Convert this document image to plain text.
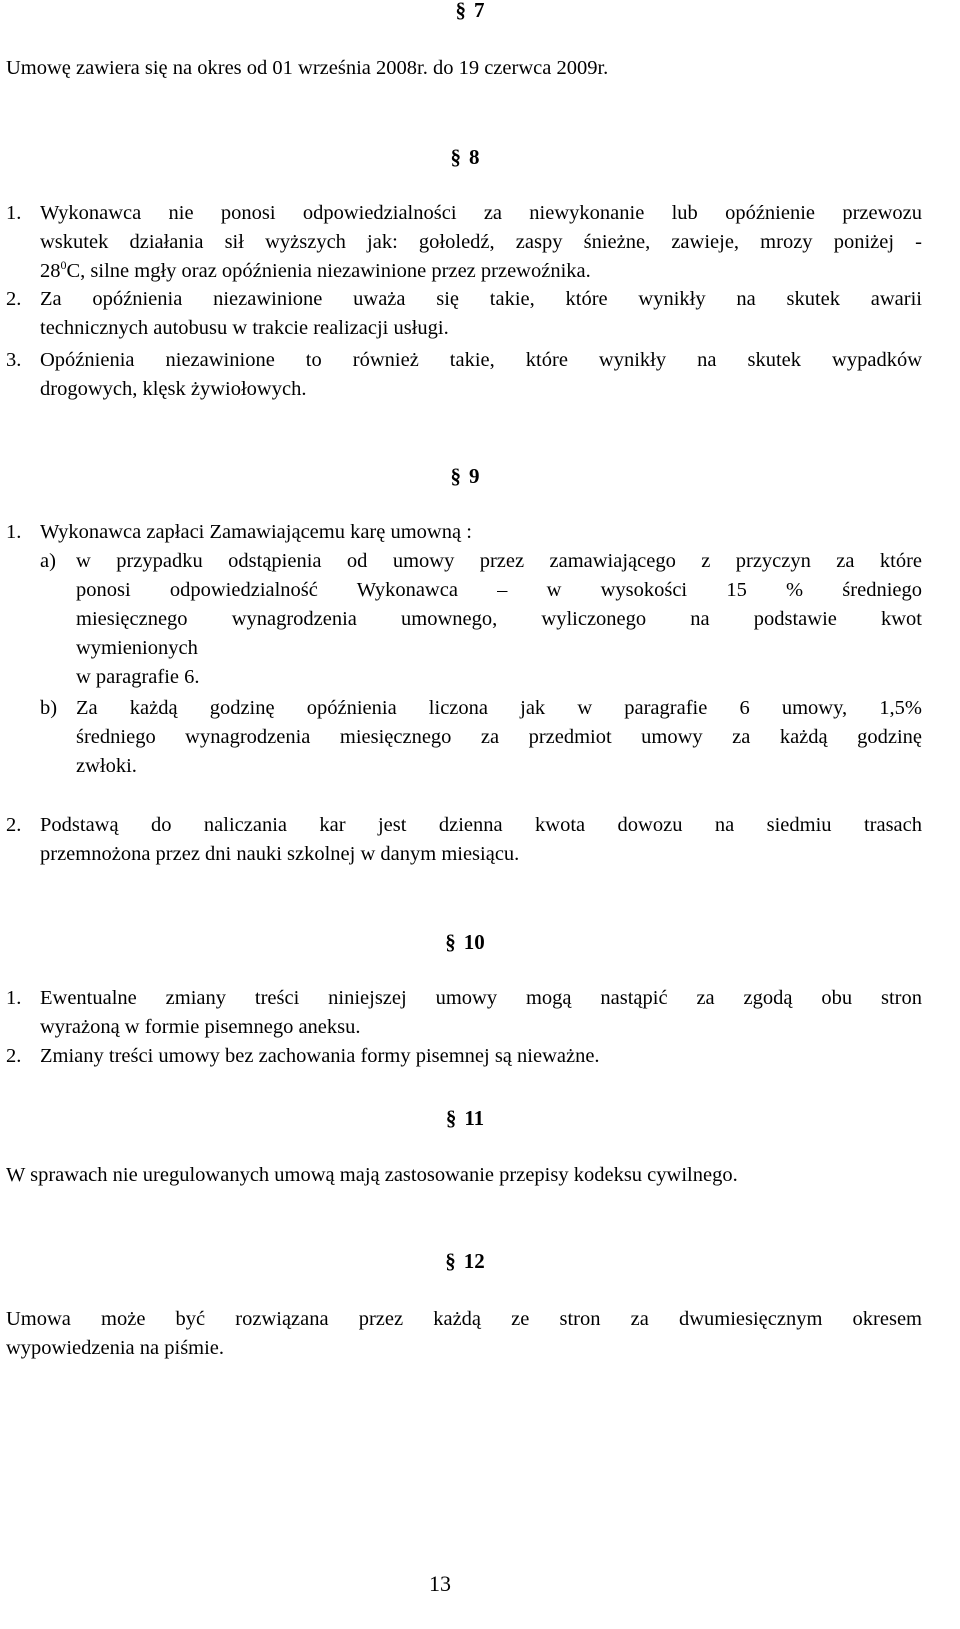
§ 7
Umowę zawiera się na okres od 01 września 2008r. do 19 czerwca 2009r.
§ 8
1. Wykonawca nie ponosi odpowiedzialności za niewykonanie lub opóźnienie przewozu
wskutek działania sił wyższych jak: gołoledź, zaspy śnieżne, zawieje, mrozy poniżej -
$28^0C$, silne mgły oraz opóźnienia niezawinione przez przewoźnika.
2. Za opóźnienia niezawinione uważa się takie, które wynikły na skutek awarii
technicznych autobusu w trakcie realizacji usługi.
3. Opóźnienia niezawinione to również takie, które wynikły na skutek wypadków
drogowych, klęsk żywiołowych.
§ 9
1. Wykonawca zapłaci Zamawiającemu karę umowną :
a) w przypadku odstąpienia od umowy przez zamawiającego z przyczyn za które
ponosi odpowiedzialność Wykonawca – w wysokości 15 % średniego
miesięcznego wynagrodzenia umownego, wyliczonego na podstawie kwot
wymienionych
w paragrafie 6.
b) Za każdą godzinę opóźnienia liczona jak w paragrafie 6 umowy, 1,5%
średniego wynagrodzenia miesięcznego za przedmiot umowy za każdą godzinę
zwłoki.
2. Podstawą do naliczania kar jest dzienna kwota dowozu na siedmiu trasach
przemnożona przez dni nauki szkolnej w danym miesiącu.
§ 10
1. Ewentualne zmiany treści niniejszej umowy mogą nastąpić za zgodą obu stron
wyrażoną w formie pisemnego aneksu.
2. Zmiany treści umowy bez zachowania formy pisemnej są nieważne.
§ 11
W sprawach nie uregulowanych umową mają zastosowanie przepisy kodeksu cywilnego.
§ 12
Umowa może być rozwiązana przez każdą ze stron za dwumiesięcznym okresem
wypowiedzenia na piśmie.
13
